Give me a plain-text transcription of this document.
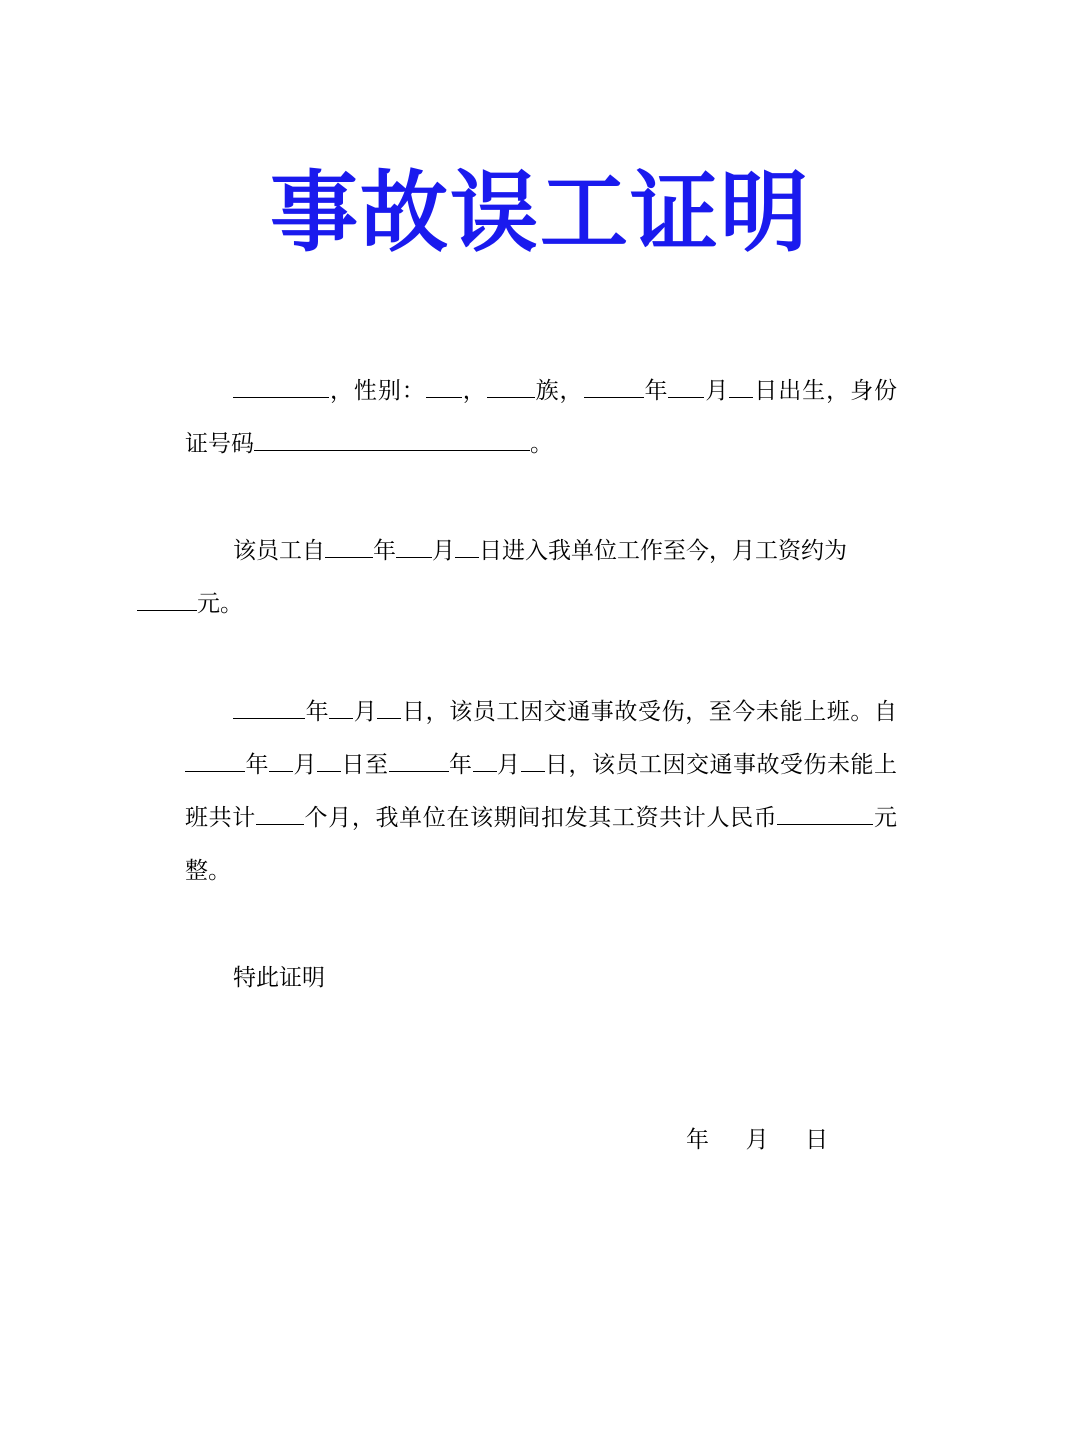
事故误工证明

，性别： ， 族，	年 月 日出生，身份证号码	。

该员工自 年 月 日进入我单位工作至今，月工资约为
元。

年 月 日，该员工因交通事故受伤，至今未能上班。自年 月 日至	年 月 日，该员工因交通事故受伤未能上班共计 个月，我单位在该期间扣发其工资共计人民币	元整。

特此证明

年 月 日
